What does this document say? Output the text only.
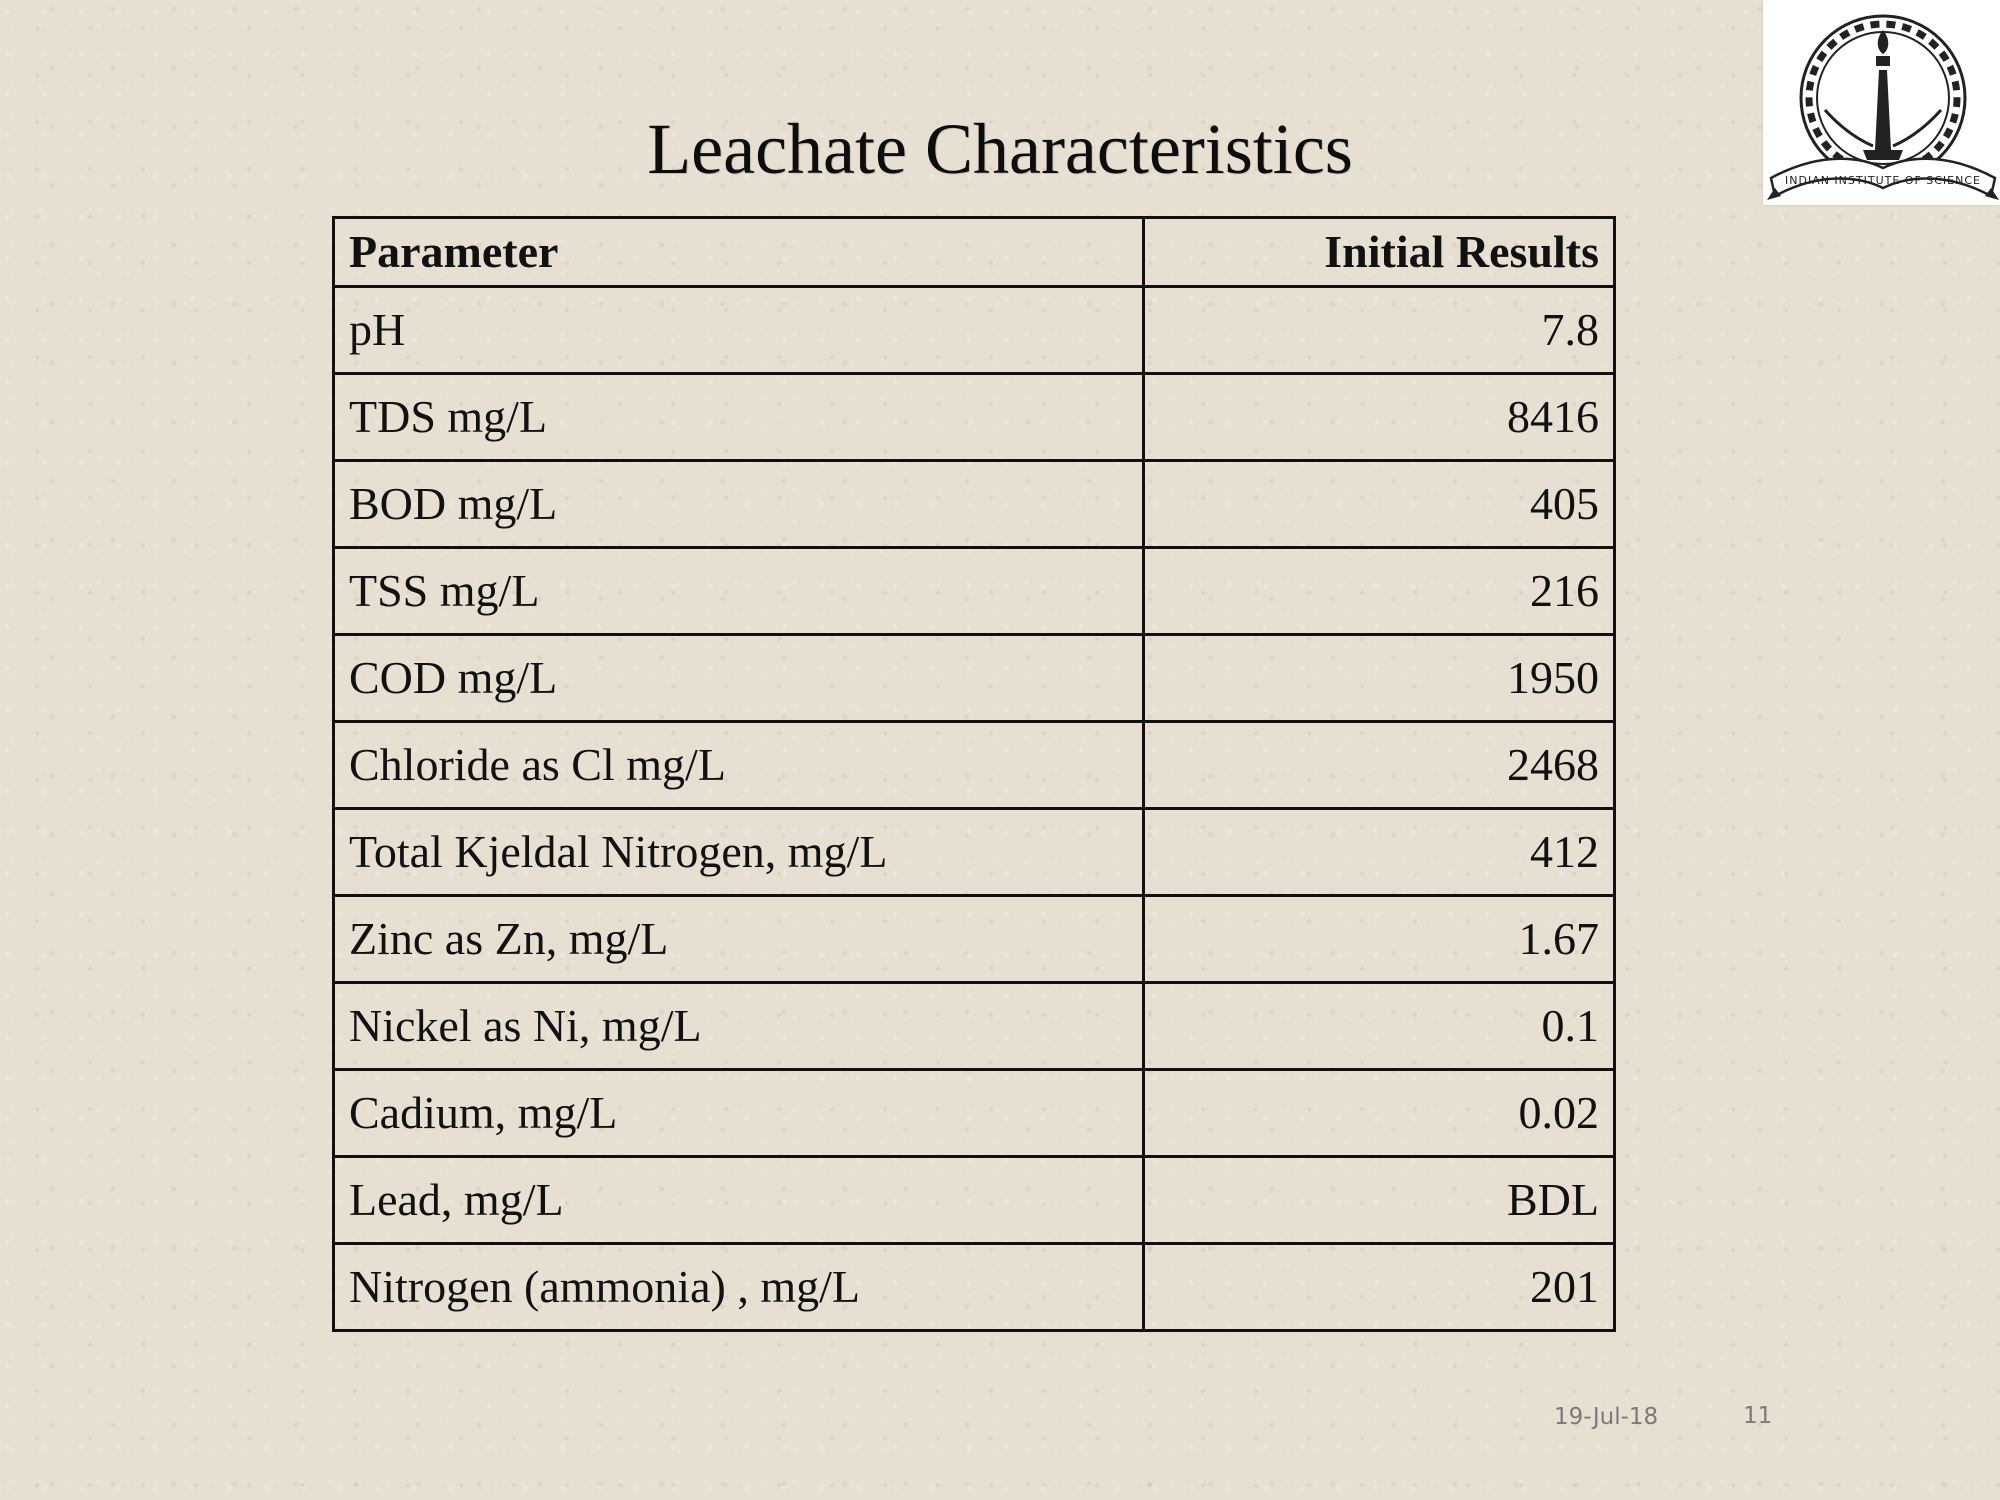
Leachate Characteristics	INDIAN INSTITUTE OF SCIENCE
Parameter	Initial Results
pH	7.8
TDS mg/L	8416
BOD mg/L	405
TSS mg/L	216
COD mg/L	1950
Chloride as Cl mg/L	2468
Total Kjeldal Nitrogen, mg/L	412
Zinc as Zn, mg/L	1.67
Nickel as Ni, mg/L	0.1
Cadium, mg/L	0.02
Lead, mg/L	BDL
Nitrogen (ammonia) , mg/L	201
19-Jul-18	11
